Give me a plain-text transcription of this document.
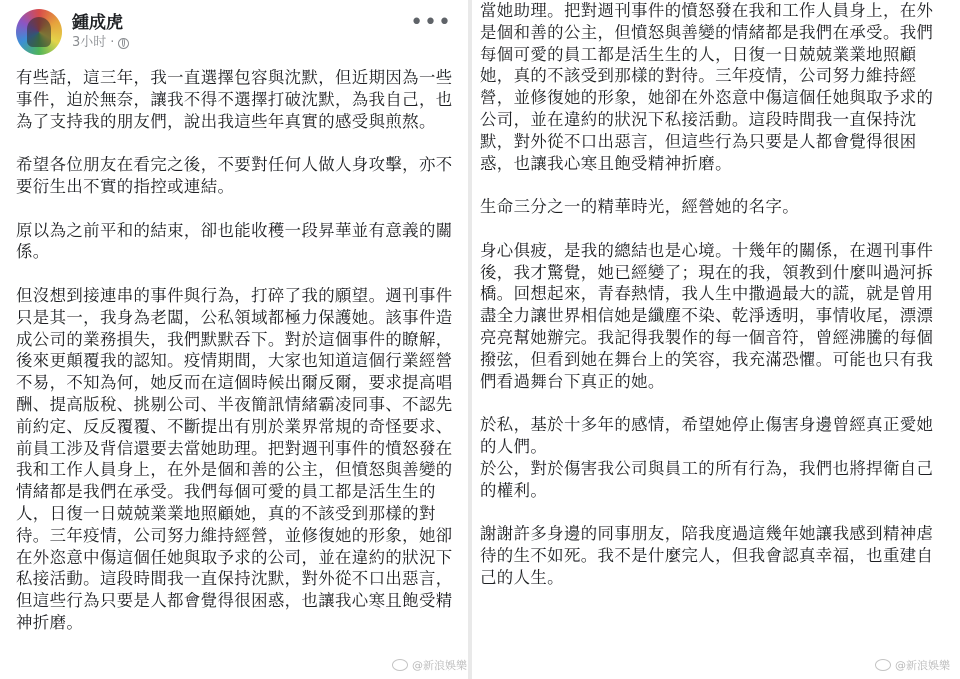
鍾成虎
3小时 ·
•••

有些話，這三年，我一直選擇包容與沈默，但近期因為一些事件，迫於無奈，讓我不得不選擇打破沈默，為我自己，也為了支持我的朋友們，說出我這些年真實的感受與煎熬。

希望各位朋友在看完之後，不要對任何人做人身攻擊，亦不要衍生出不實的指控或連結。

原以為之前平和的結束，卻也能收穫一段昇華並有意義的關係。

但沒想到接連串的事件與行為，打碎了我的願望。週刊事件只是其一，我身為老闆，公私領域都極力保護她。該事件造成公司的業務損失，我們默默吞下。對於這個事件的瞭解，後來更顛覆我的認知。疫情期間，大家也知道這個行業經營不易，不知為何，她反而在這個時候出爾反爾，要求提高唱酬、提高版稅、挑剔公司、半夜簡訊情緒霸凌同事、不認先前約定、反反覆覆、不斷提出有別於業界常規的奇怪要求、前員工涉及背信還要去當她助理。把對週刊事件的憤怒發在我和工作人員身上，在外是個和善的公主，但憤怒與善變的情緒都是我們在承受。我們每個可愛的員工都是活生生的人，日復一日兢兢業業地照顧她，真的不該受到那樣的對待。三年疫情，公司努力維持經營，並修復她的形象，她卻在外恣意中傷這個任她與取予求的公司，並在違約的狀況下私接活動。這段時間我一直保持沈默，對外從不口出惡言，但這些行為只要是人都會覺得很困惑，也讓我心寒且飽受精神折磨。

@新浪娛樂

當她助理。把對週刊事件的憤怒發在我和工作人員身上，在外是個和善的公主，但憤怒與善變的情緒都是我們在承受。我們每個可愛的員工都是活生生的人，日復一日兢兢業業地照顧她，真的不該受到那樣的對待。三年疫情，公司努力維持經營，並修復她的形象，她卻在外恣意中傷這個任她與取予求的公司，並在違約的狀況下私接活動。這段時間我一直保持沈默，對外從不口出惡言，但這些行為只要是人都會覺得很困惑，也讓我心寒且飽受精神折磨。

生命三分之一的精華時光，經營她的名字。

身心俱疲，是我的總結也是心境。十幾年的關係，在週刊事件後，我才驚覺，她已經變了；現在的我，領教到什麼叫過河拆橋。回想起來，青春熱情，我人生中撒過最大的謊，就是曾用盡全力讓世界相信她是纖塵不染、乾淨透明，事情收尾，漂漂亮亮幫她辦完。我記得我製作的每一個音符，曾經沸騰的每個撥弦，但看到她在舞台上的笑容，我充滿恐懼。可能也只有我們看過舞台下真正的她。

於私，基於十多年的感情，希望她停止傷害身邊曾經真正愛她的人們。
於公，對於傷害我公司與員工的所有行為，我們也將捍衛自己的權利。

謝謝許多身邊的同事朋友，陪我度過這幾年她讓我感到精神虐待的生不如死。我不是什麼完人，但我會認真幸福，也重建自己的人生。

@新浪娛樂
